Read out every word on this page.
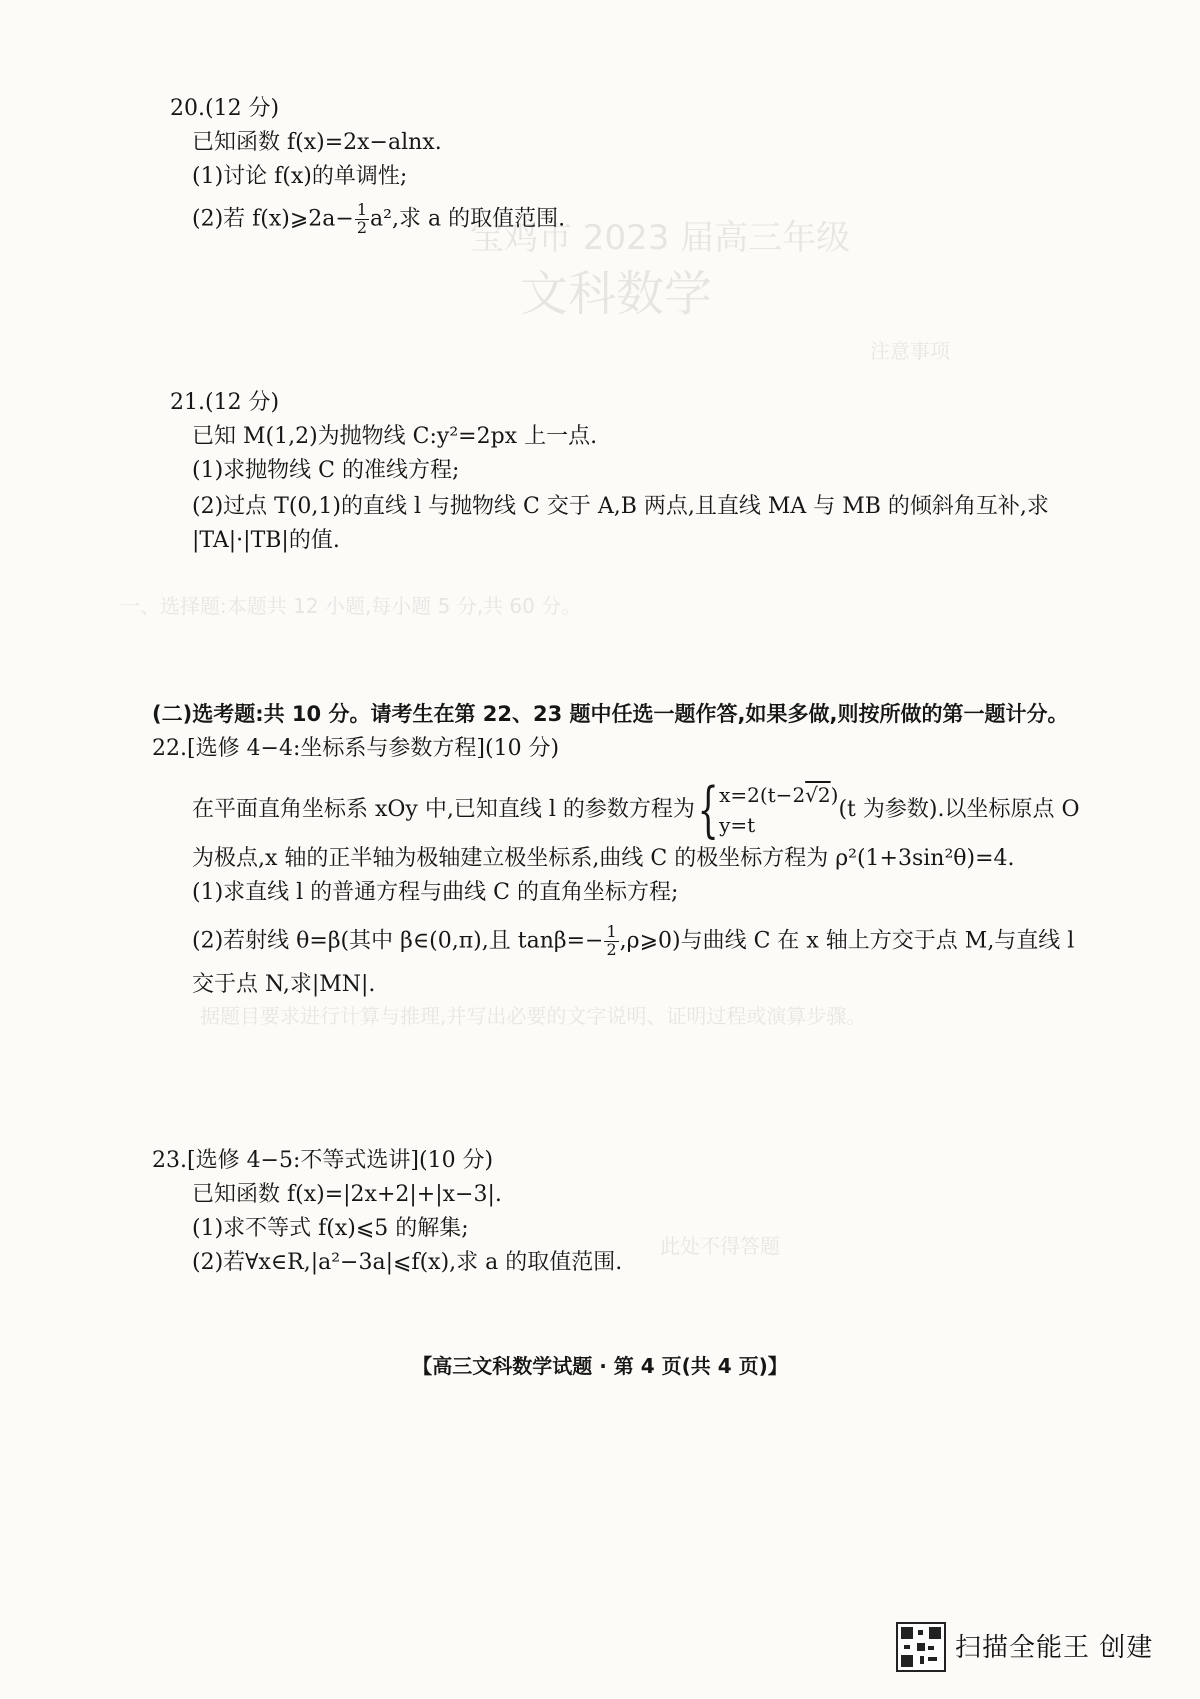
宝鸡市 2023 届高三年级
文科数学
注意事项
一、选择题:本题共 12 小题,每小题 5 分,共 60 分。
据题目要求进行计算与推理,并写出必要的文字说明、证明过程或演算步骤。
此处不得答题
20.(12 分)
已知函数 f(x)=2x−alnx.
(1)讨论 f(x)的单调性;
(2)若 f(x)⩾2a− $\frac{1}{2} a^2$,求 a 的取值范围.
21.(12 分)
已知 M(1,2)为抛物线 C:y²=2px 上一点.
(1)求抛物线 C 的准线方程;
(2)过点 T(0,1)的直线 l 与抛物线 C 交于 A,B 两点,且直线 MA 与 MB 的倾斜角互补,求
|TA|·|TB|的值.
(二)选考题:共 10 分。请考生在第 22、23 题中任选一题作答,如果多做,则按所做的第一题计分。
22.[选修 4−4:坐标系与参数方程](10 分)
在平面直角坐标系 xOy 中,已知直线 l 的参数方程为 { x=2(t−2√2)
y=t
(t 为参数).以坐标原点 O
为极点,x 轴的正半轴为极轴建立极坐标系,曲线 C 的极坐标方程为 ρ²(1+3sin²θ)=4.
(1)求直线 l 的普通方程与曲线 C 的直角坐标方程;
(2)若射线 θ=β(其中 β∈(0,π),且 $\tan\beta=- \frac{1}{2}$ ,ρ⩾0)与曲线 C 在 x 轴上方交于点 M,与直线 l
交于点 N,求|MN|.
23.[选修 4−5:不等式选讲](10 分)
已知函数 f(x)=|2x+2|+|x−3|.
(1)求不等式 f(x)⩽5 的解集;
(2)若∀x∈R,|a²−3a|⩽f(x),求 a 的取值范围.
【高三文科数学试题 · 第 4 页(共 4 页)】
扫描全能王 创建
